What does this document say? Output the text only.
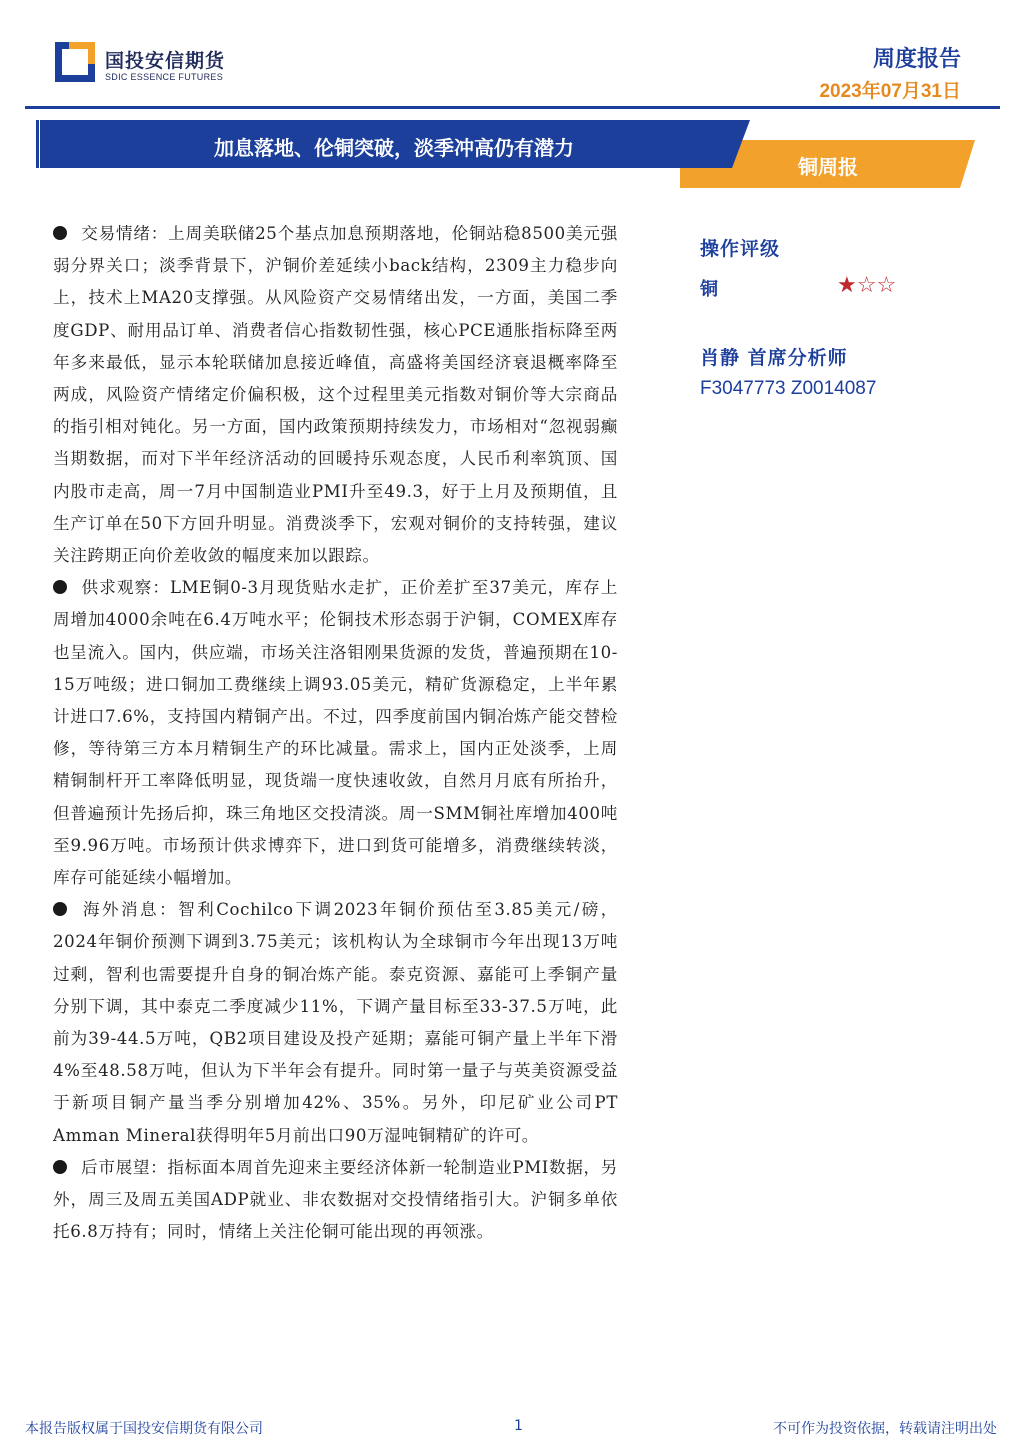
国投安信期货
SDIC ESSENCE FUTURES
周度报告
2023年07月31日
加息落地、伦铜突破，淡季冲高仍有潜力
铜周报

交易情绪：上周美联储25个基点加息预期落地，伦铜站稳8500美元强弱分界关口；淡季背景下，沪铜价差延续小back结构，2309主力稳步向上，技术上MA20支撑强。从风险资产交易情绪出发，一方面，美国二季度GDP、耐用品订单、消费者信心指数韧性强，核心PCE通胀指标降至两年多来最低，显示本轮联储加息接近峰值，高盛将美国经济衰退概率降至两成，风险资产情绪定价偏积极，这个过程里美元指数对铜价等大宗商品的指引相对钝化。另一方面，国内政策预期持续发力，市场相对“忽视弱癫当期数据，而对下半年经济活动的回暖持乐观态度，人民币利率筑顶、国内股市走高，周一7月中国制造业PMI升至49.3，好于上月及预期值，且生产订单在50下方回升明显。消费淡季下，宏观对铜价的支持转强，建议关注跨期正向价差收敛的幅度来加以跟踪。

供求观察：LME铜0-3月现货贴水走扩，正价差扩至37美元，库存上周增加4000余吨在6.4万吨水平；伦铜技术形态弱于沪铜，COMEX库存也呈流入。国内，供应端，市场关注洛钼刚果货源的发货，普遍预期在10-15万吨级；进口铜加工费继续上调93.05美元，精矿货源稳定，上半年累计进口7.6%，支持国内精铜产出。不过，四季度前国内铜冶炼产能交替检修，等待第三方本月精铜生产的环比减量。需求上，国内正处淡季，上周精铜制杆开工率降低明显，现货端一度快速收敛，自然月月底有所抬升，但普遍预计先扬后抑，珠三角地区交投清淡。周一SMM铜社库增加400吨至9.96万吨。市场预计供求博弈下，进口到货可能增多，消费继续转淡，库存可能延续小幅增加。

海外消息：智利Cochilco下调2023年铜价预估至3.85美元/磅，2024年铜价预测下调到3.75美元；该机构认为全球铜市今年出现13万吨过剩，智利也需要提升自身的铜冶炼产能。泰克资源、嘉能可上季铜产量分别下调，其中泰克二季度减少11%，下调产量目标至33-37.5万吨，此前为39-44.5万吨，QB2项目建设及投产延期；嘉能可铜产量上半年下滑4%至48.58万吨，但认为下半年会有提升。同时第一量子与英美资源受益于新项目铜产量当季分别增加42%、35%。另外，印尼矿业公司PT Amman Mineral获得明年5月前出口90万湿吨铜精矿的许可。

后市展望：指标面本周首先迎来主要经济体新一轮制造业PMI数据，另外，周三及周五美国ADP就业、非农数据对交投情绪指引大。沪铜多单依托6.8万持有；同时，情绪上关注伦铜可能出现的再领涨。

操作评级
铜	★☆☆
肖静 首席分析师
F3047773 Z0014087
本报告版权属于国投安信期货有限公司	1	不可作为投资依据，转载请注明出处
